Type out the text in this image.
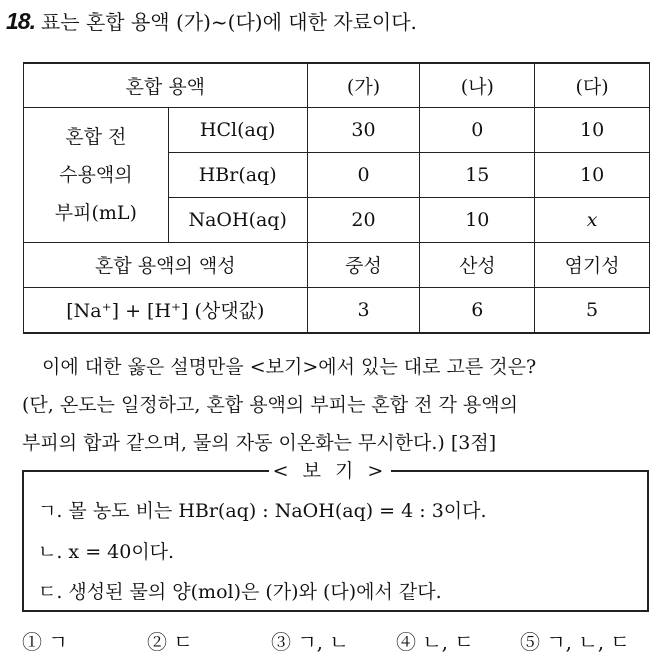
18. 표는 혼합 용액 (가)~(다)에 대한 자료이다.
혼합 용액		(가)	(나)	(다)

혼합 전
수용액의
부피(mL)	HCl(aq)	30	0	10
	HBr(aq)	0	15	10
	NaOH(aq)	20	10	x
혼합 용액의 액성		중성	산성	염기성
[Na⁺] + [H⁺] (상댓값)		3	6	5

이에 대한 옳은 설명만을 <보기>에서 있는 대로 고른 것은?

(단, 온도는 일정하고, 혼합 용액의 부피는 혼합 전 각 용액의

부피의 합과 같으며, 물의 자동 이온화는 무시한다.) [3점]

< 보 기 >
ㄱ. 몰 농도 비는 HBr(aq) : NaOH(aq) = 4 : 3이다.
ㄴ. x = 40이다.
ㄷ. 생성된 물의 양(mol)은 (가)와 (다)에서 같다.
① ㄱ	② ㄷ	③ ㄱ, ㄴ ④ ㄴ, ㄷ ⑤ ㄱ, ㄴ, ㄷ
